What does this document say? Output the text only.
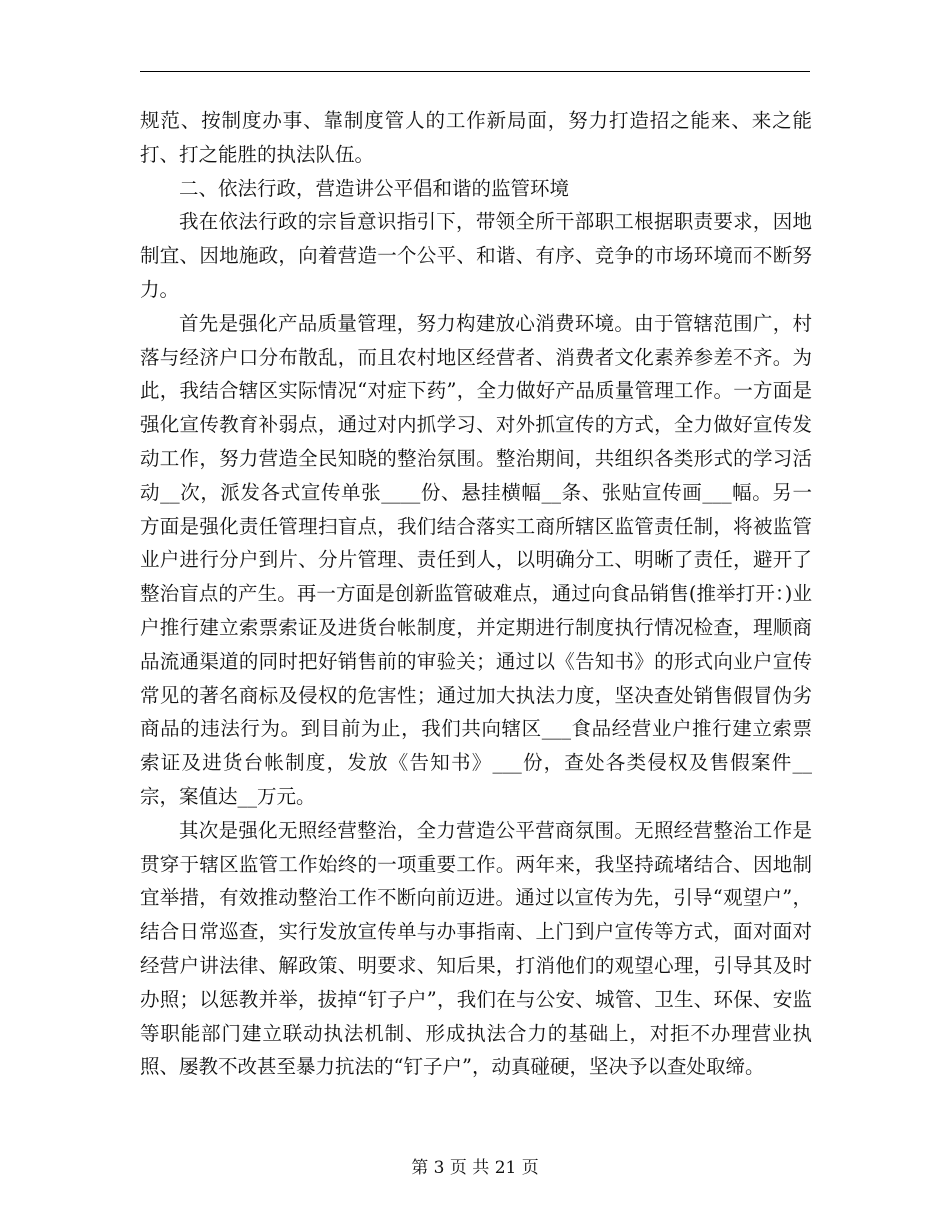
规范、按制度办事、靠制度管人的工作新局面，努力打造招之能来、来之能打、打之能胜的执法队伍。

二、依法行政，营造讲公平倡和谐的监管环境

我在依法行政的宗旨意识指引下，带领全所干部职工根据职责要求，因地制宜、因地施政，向着营造一个公平、和谐、有序、竞争的市场环境而不断努力。

首先是强化产品质量管理，努力构建放心消费环境。由于管辖范围广，村落与经济户口分布散乱，而且农村地区经营者、消费者文化素养参差不齐。为此，我结合辖区实际情况“对症下药”，全力做好产品质量管理工作。一方面是强化宣传教育补弱点，通过对内抓学习、对外抓宣传的方式，全力做好宣传发动工作，努力营造全民知晓的整治氛围。整治期间，共组织各类形式的学习活动__次，派发各式宣传单张____份、悬挂横幅__条、张贴宣传画___幅。另一方面是强化责任管理扫盲点，我们结合落实工商所辖区监管责任制，将被监管业户进行分户到片、分片管理、责任到人，以明确分工、明晰了责任，避开了整治盲点的产生。再一方面是创新监管破难点，通过向食品销售(推举打开：)业户推行建立索票索证及进货台帐制度，并定期进行制度执行情况检查，理顺商品流通渠道的同时把好销售前的审验关；通过以《告知书》的形式向业户宣传常见的著名商标及侵权的危害性；通过加大执法力度，坚决查处销售假冒伪劣商品的违法行为。到目前为止，我们共向辖区___食品经营业户推行建立索票索证及进货台帐制度，发放《告知书》___份，查处各类侵权及售假案件__宗，案值达__万元。

其次是强化无照经营整治，全力营造公平营商氛围。无照经营整治工作是贯穿于辖区监管工作始终的一项重要工作。两年来，我坚持疏堵结合、因地制宜举措，有效推动整治工作不断向前迈进。通过以宣传为先，引导“观望户”，结合日常巡查，实行发放宣传单与办事指南、上门到户宣传等方式，面对面对经营户讲法律、解政策、明要求、知后果，打消他们的观望心理，引导其及时办照；以惩教并举，拔掉“钉子户”，我们在与公安、城管、卫生、环保、安监等职能部门建立联动执法机制、形成执法合力的基础上，对拒不办理营业执照、屡教不改甚至暴力抗法的“钉子户”，动真碰硬，坚决予以查处取缔。

第 3 页 共 21 页
